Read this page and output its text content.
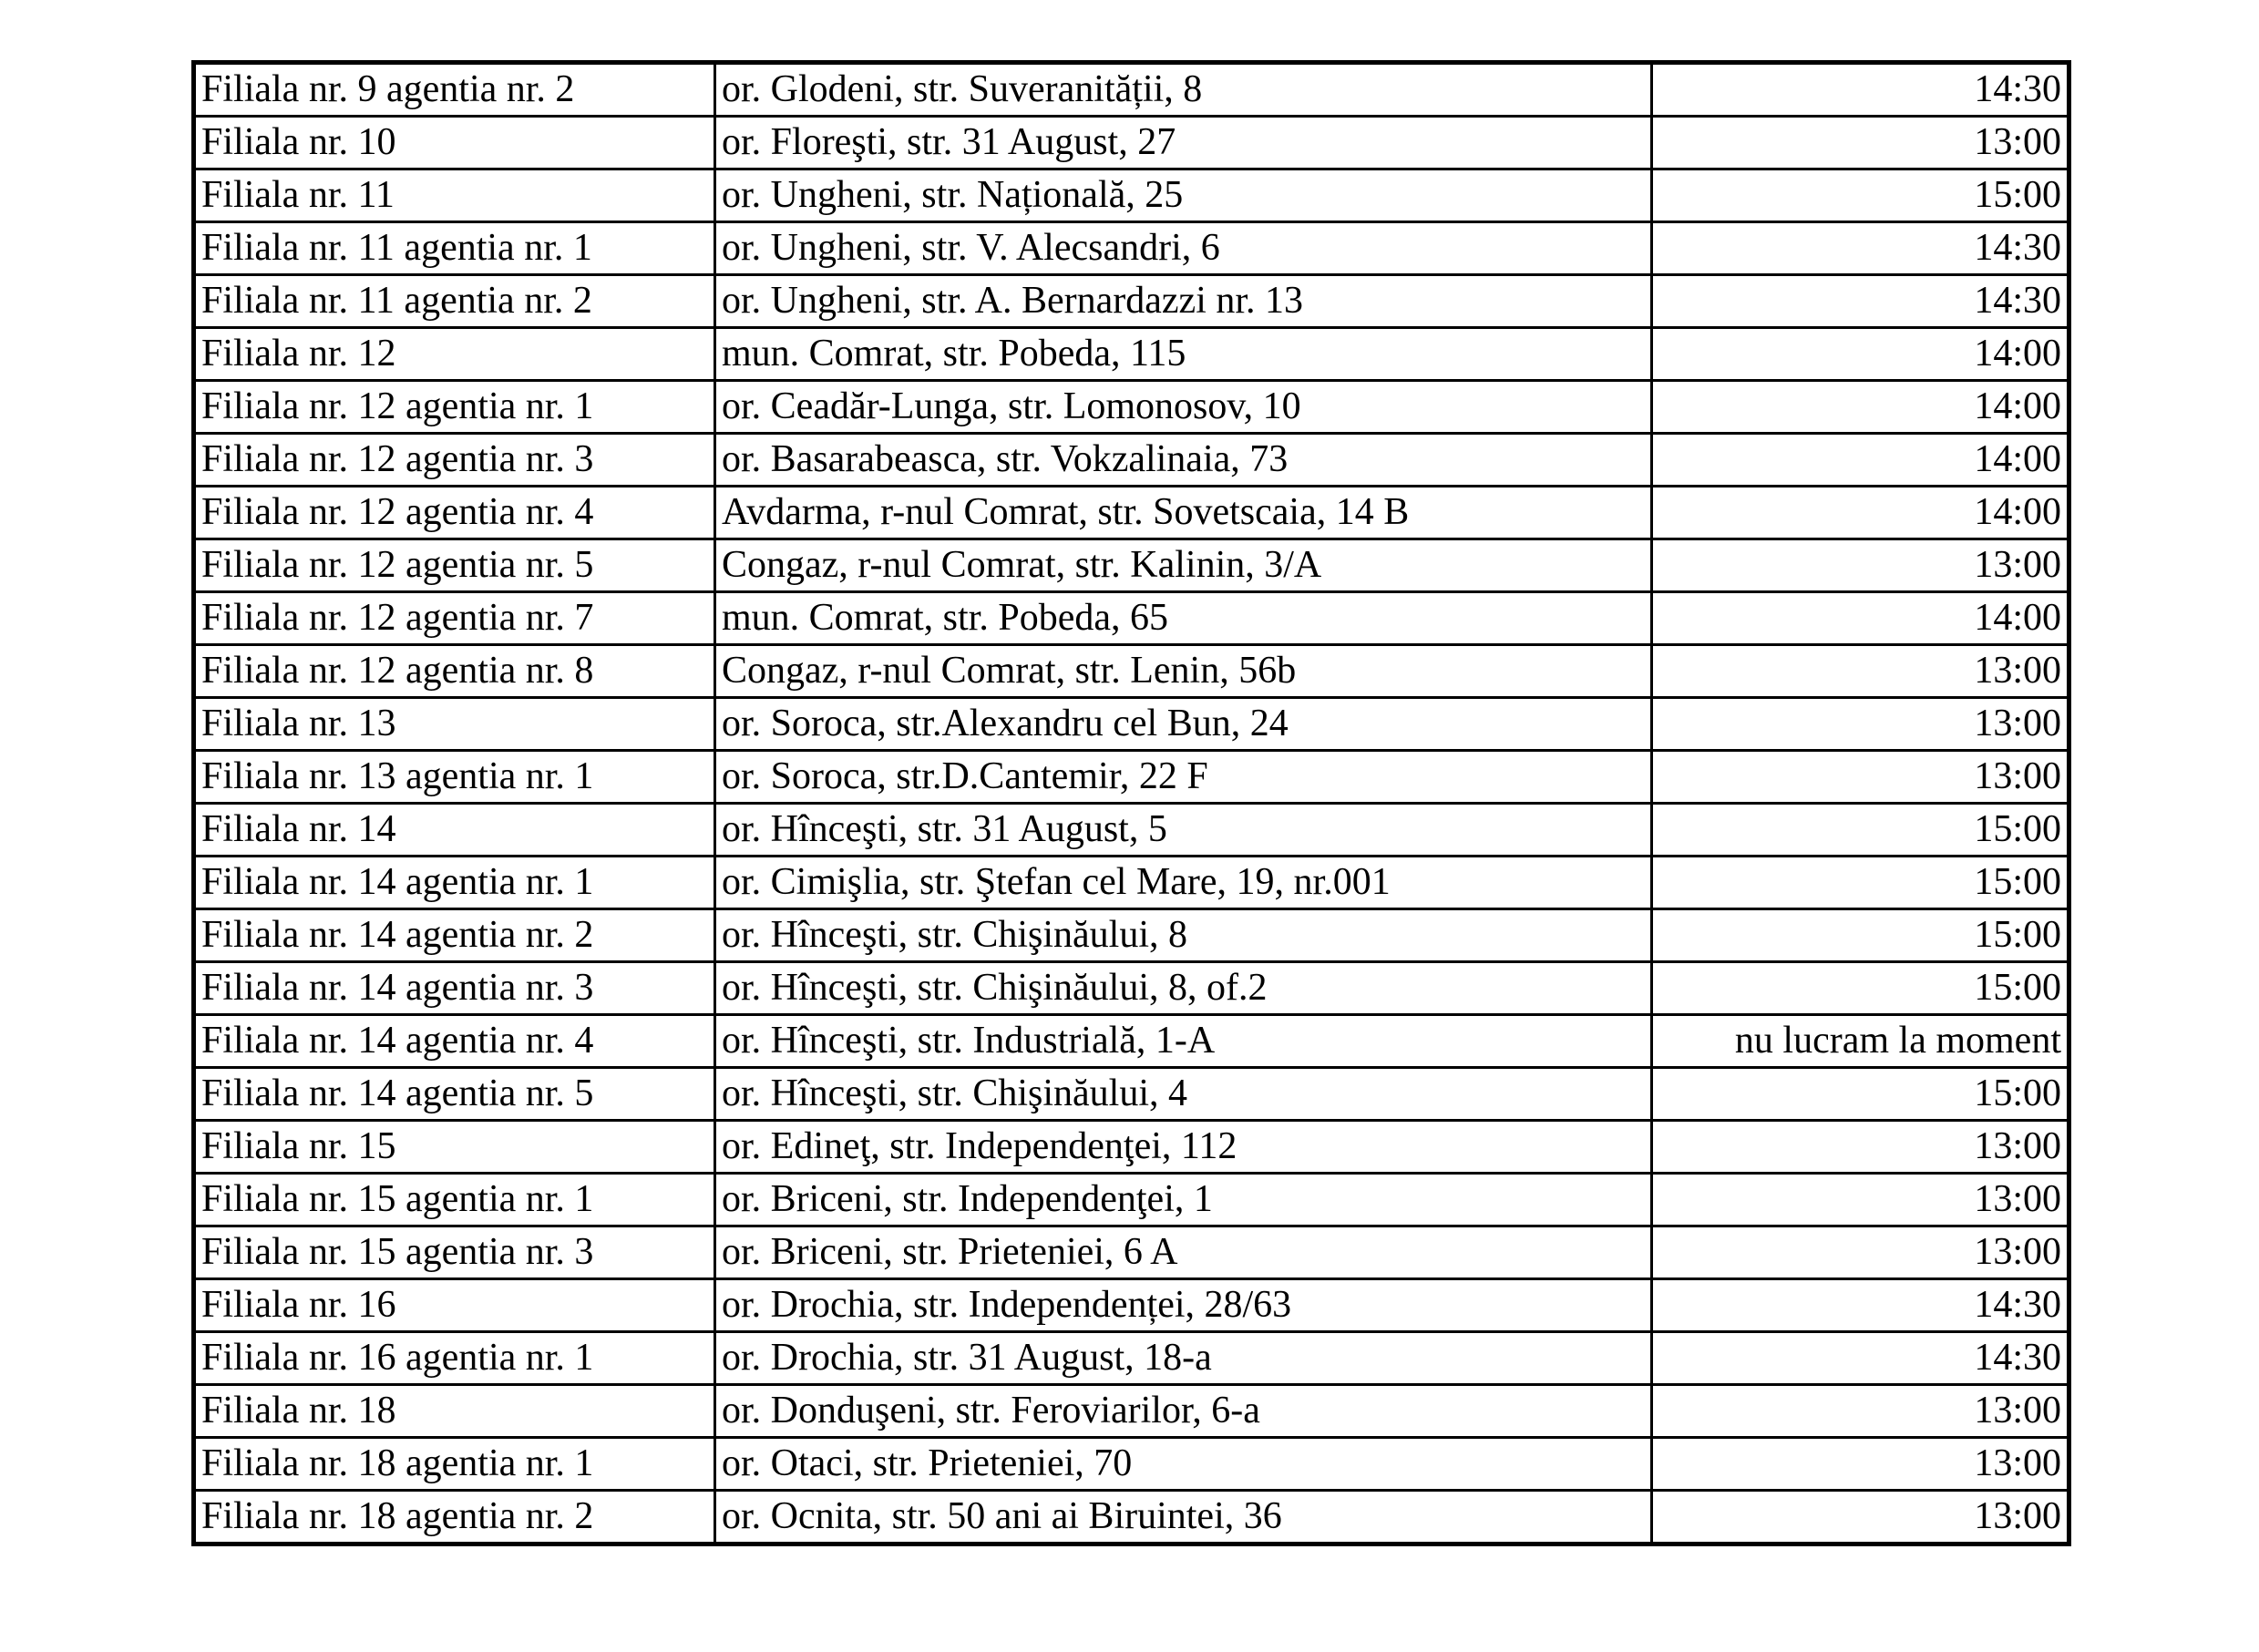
Filiala nr. 9 agentia nr. 2	or. Glodeni, str. Suveranității, 8	14:30
Filiala nr. 10	or. Floreşti, str. 31 August, 27	13:00
Filiala nr. 11	or. Ungheni, str. Națională, 25	15:00
Filiala nr. 11 agentia nr. 1	or. Ungheni, str. V. Alecsandri, 6	14:30
Filiala nr. 11 agentia nr. 2	or. Ungheni, str. A. Bernardazzi nr. 13	14:30
Filiala nr. 12	mun. Comrat, str. Pobeda, 115	14:00
Filiala nr. 12 agentia nr. 1	or. Ceadăr-Lunga, str. Lomonosov, 10	14:00
Filiala nr. 12 agentia nr. 3	or. Basarabeasca, str. Vokzalinaia, 73	14:00
Filiala nr. 12 agentia nr. 4	Avdarma, r-nul Comrat, str. Sovetscaia, 14 B	14:00
Filiala nr. 12 agentia nr. 5	Congaz, r-nul Comrat, str. Kalinin, 3/A	13:00
Filiala nr. 12 agentia nr. 7	mun. Comrat, str. Pobeda, 65	14:00
Filiala nr. 12 agentia nr. 8	Congaz, r-nul Comrat, str. Lenin, 56b	13:00
Filiala nr. 13	or. Soroca, str.Alexandru cel Bun, 24	13:00
Filiala nr. 13 agentia nr. 1	or. Soroca, str.D.Cantemir, 22 F	13:00
Filiala nr. 14	or. Hînceşti, str. 31 August, 5	15:00
Filiala nr. 14 agentia nr. 1	or. Cimişlia, str. Ştefan cel Mare, 19, nr.001	15:00
Filiala nr. 14 agentia nr. 2	or. Hînceşti, str. Chişinăului, 8	15:00
Filiala nr. 14 agentia nr. 3	or. Hînceşti, str. Chişinăului, 8, of.2	15:00
Filiala nr. 14 agentia nr. 4	or. Hînceşti, str. Industrială, 1-A	nu lucram la moment
Filiala nr. 14 agentia nr. 5	or. Hînceşti, str. Chişinăului, 4	15:00
Filiala nr. 15	or. Edineţ, str. Independenţei, 112	13:00
Filiala nr. 15 agentia nr. 1	or. Briceni, str. Independenţei, 1	13:00
Filiala nr. 15 agentia nr. 3	or. Briceni, str. Prieteniei, 6 A	13:00
Filiala nr. 16	or. Drochia, str. Independenței, 28/63	14:30
Filiala nr. 16 agentia nr. 1	or. Drochia, str. 31 August, 18-a	14:30
Filiala nr. 18	or. Donduşeni, str. Feroviarilor, 6-a	13:00
Filiala nr. 18 agentia nr. 1	or. Otaci, str. Prieteniei, 70	13:00
Filiala nr. 18 agentia nr. 2	or. Ocnita, str. 50 ani ai Biruintei, 36	13:00
